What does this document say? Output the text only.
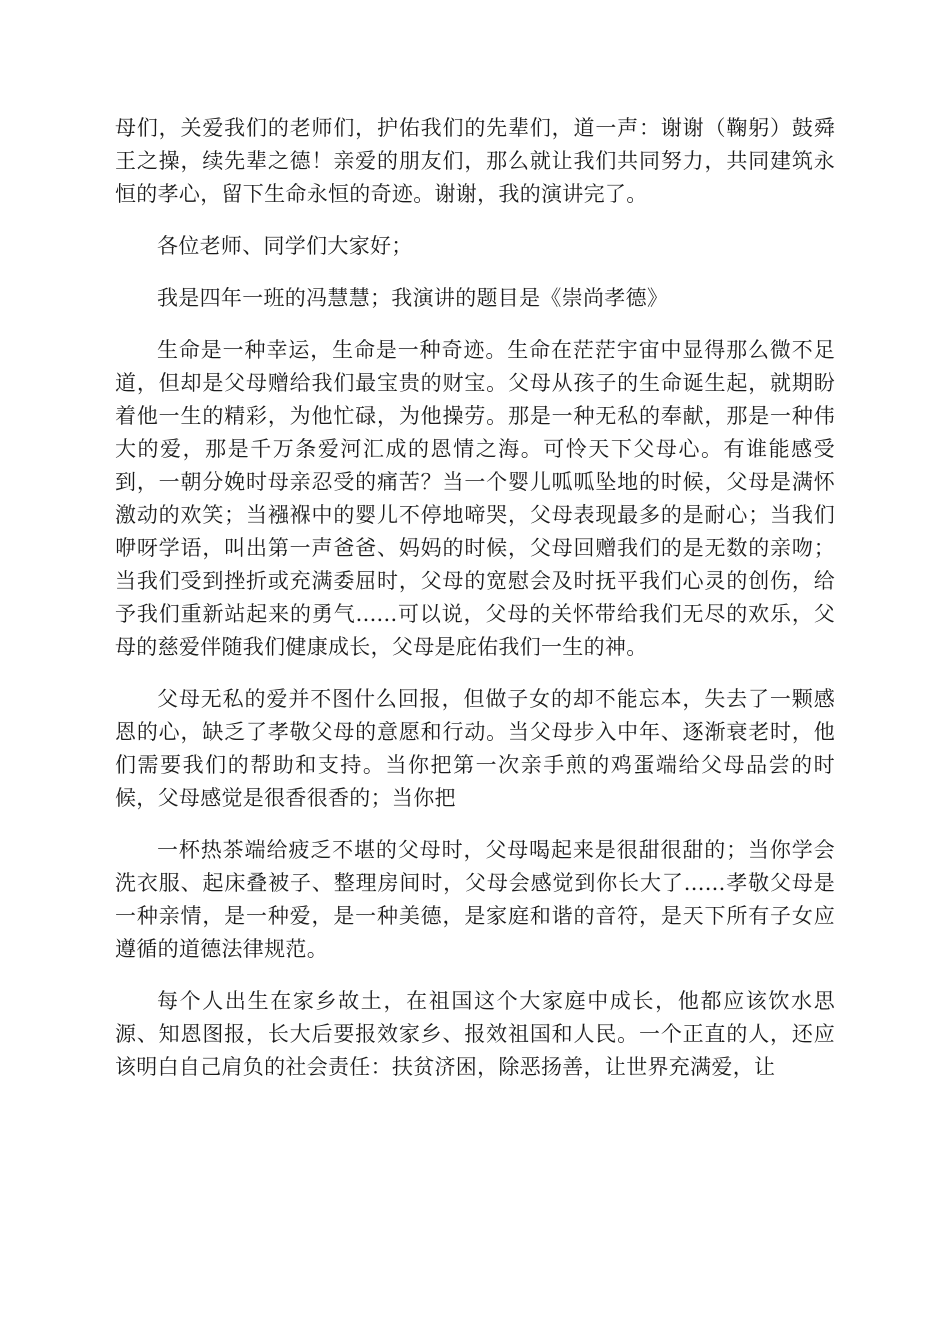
母们，关爱我们的老师们，护佑我们的先辈们，道一声：谢谢（鞠躬）鼓舜王之操，续先辈之德！亲爱的朋友们，那么就让我们共同努力，共同建筑永恒的孝心，留下生命永恒的奇迹。谢谢，我的演讲完了。

各位老师、同学们大家好；

我是四年一班的冯慧慧；我演讲的题目是《崇尚孝德》

生命是一种幸运，生命是一种奇迹。生命在茫茫宇宙中显得那么微不足道，但却是父母赠给我们最宝贵的财宝。父母从孩子的生命诞生起，就期盼着他一生的精彩，为他忙碌，为他操劳。那是一种无私的奉献，那是一种伟大的爱，那是千万条爱河汇成的恩情之海。可怜天下父母心。有谁能感受到，一朝分娩时母亲忍受的痛苦？当一个婴儿呱呱坠地的时候，父母是满怀激动的欢笑；当襁褓中的婴儿不停地啼哭，父母表现最多的是耐心；当我们咿呀学语，叫出第一声爸爸、妈妈的时候，父母回赠我们的是无数的亲吻；当我们受到挫折或充满委屈时，父母的宽慰会及时抚平我们心灵的创伤，给予我们重新站起来的勇气......可以说，父母的关怀带给我们无尽的欢乐，父母的慈爱伴随我们健康成长，父母是庇佑我们一生的神。

父母无私的爱并不图什么回报，但做子女的却不能忘本，失去了一颗感恩的心，缺乏了孝敬父母的意愿和行动。当父母步入中年、逐渐衰老时，他们需要我们的帮助和支持。当你把第一次亲手煎的鸡蛋端给父母品尝的时候，父母感觉是很香很香的；当你把

一杯热茶端给疲乏不堪的父母时，父母喝起来是很甜很甜的；当你学会洗衣服、起床叠被子、整理房间时，父母会感觉到你长大了......孝敬父母是一种亲情，是一种爱，是一种美德，是家庭和谐的音符，是天下所有子女应遵循的道德法律规范。

每个人出生在家乡故土，在祖国这个大家庭中成长，他都应该饮水思源、知恩图报，长大后要报效家乡、报效祖国和人民。一个正直的人，还应该明白自己肩负的社会责任：扶贫济困，除恶扬善，让世界充满爱，让
